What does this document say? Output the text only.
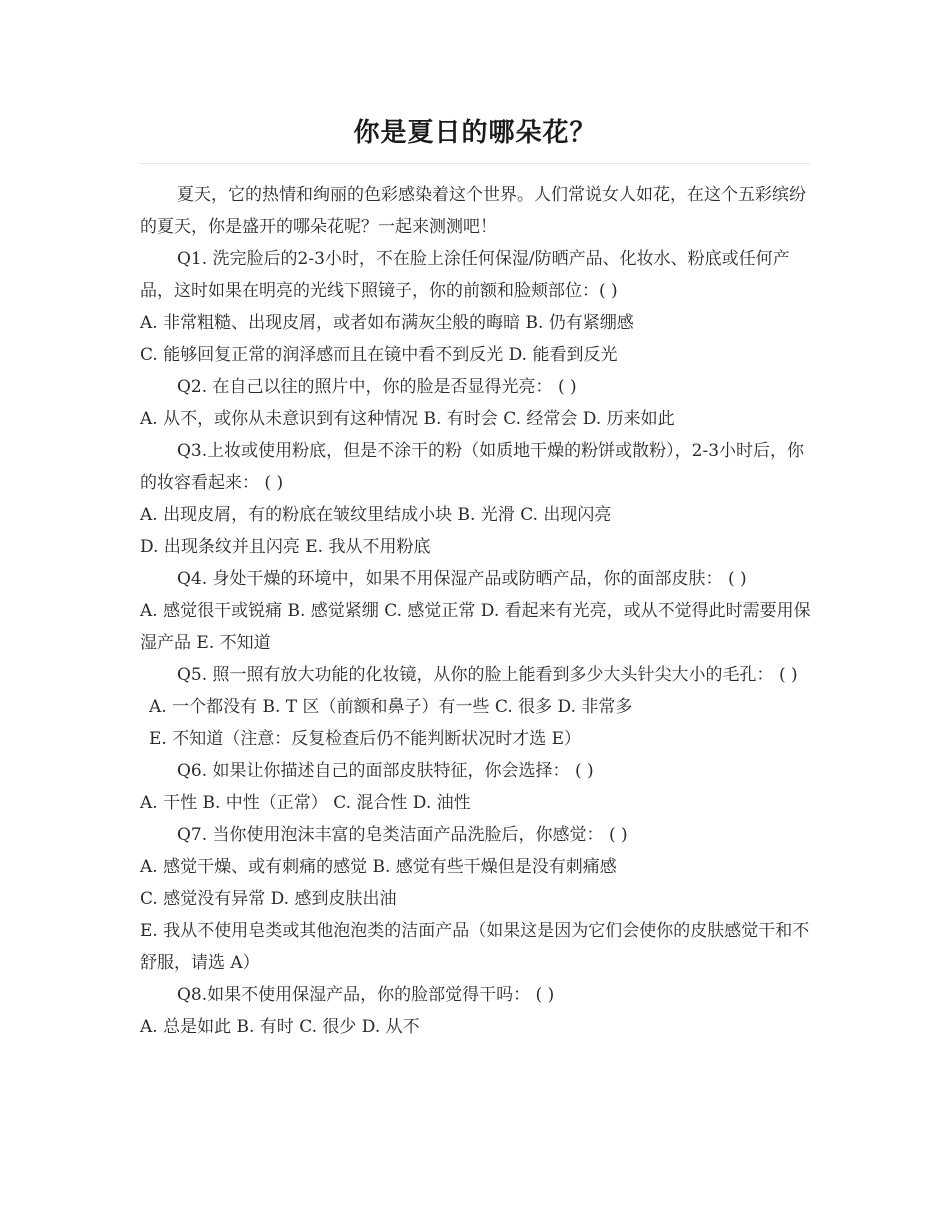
你是夏日的哪朵花？

夏天，它的热情和绚丽的色彩感染着这个世界。人们常说女人如花，在这个五彩缤纷的夏天，你是盛开的哪朵花呢？一起来测测吧！

Q1. 洗完脸后的2-3小时，不在脸上涂任何保湿/防晒产品、化妆水、粉底或任何产品，这时如果在明亮的光线下照镜子，你的前额和脸颊部位：( )

A. 非常粗糙、出现皮屑，或者如布满灰尘般的晦暗 B. 仍有紧绷感

C. 能够回复正常的润泽感而且在镜中看不到反光 D. 能看到反光

Q2. 在自己以往的照片中，你的脸是否显得光亮： ( )

A. 从不，或你从未意识到有这种情况 B. 有时会 C. 经常会 D. 历来如此

Q3.上妆或使用粉底，但是不涂干的粉（如质地干燥的粉饼或散粉），2-3小时后，你的妆容看起来： ( )

A. 出现皮屑，有的粉底在皱纹里结成小块 B. 光滑 C. 出现闪亮

D. 出现条纹并且闪亮 E. 我从不用粉底

Q4. 身处干燥的环境中，如果不用保湿产品或防晒产品，你的面部皮肤： ( )

A. 感觉很干或锐痛 B. 感觉紧绷 C. 感觉正常 D. 看起来有光亮，或从不觉得此时需要用保湿产品 E. 不知道

Q5. 照一照有放大功能的化妆镜，从你的脸上能看到多少大头针尖大小的毛孔： ( )

A. 一个都没有 B. T 区（前额和鼻子）有一些 C. 很多 D. 非常多

E. 不知道（注意：反复检查后仍不能判断状况时才选 E）

Q6. 如果让你描述自己的面部皮肤特征，你会选择： ( )

A. 干性 B. 中性（正常） C. 混合性 D. 油性

Q7. 当你使用泡沫丰富的皂类洁面产品洗脸后，你感觉： ( )

A. 感觉干燥、或有刺痛的感觉 B. 感觉有些干燥但是没有刺痛感

C. 感觉没有异常 D. 感到皮肤出油

E. 我从不使用皂类或其他泡泡类的洁面产品（如果这是因为它们会使你的皮肤感觉干和不舒服，请选 A）

Q8.如果不使用保湿产品，你的脸部觉得干吗： ( )

A. 总是如此 B. 有时 C. 很少 D. 从不
